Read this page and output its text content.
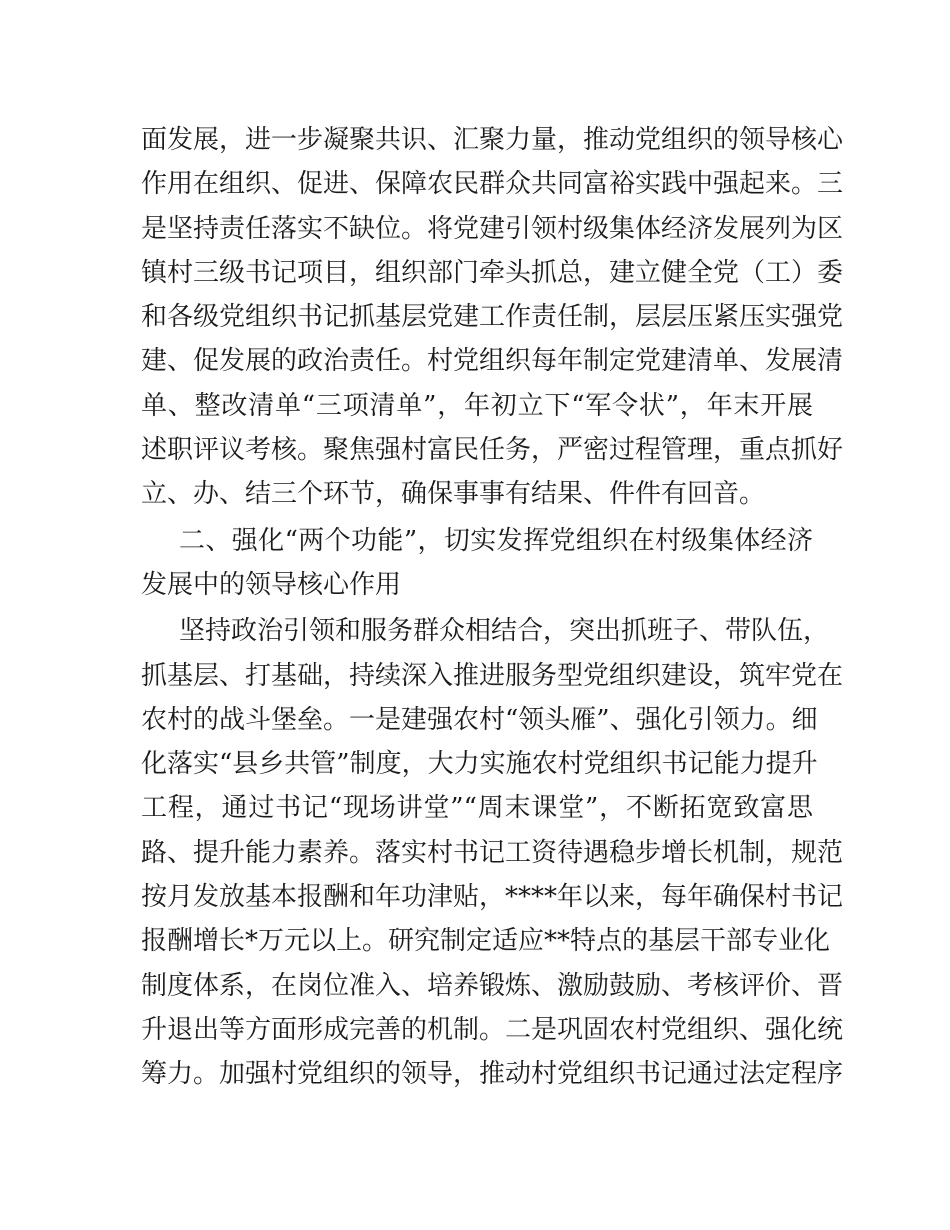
面发展，进一步凝聚共识、汇聚力量，推动党组织的领导核心
作用在组织、促进、保障农民群众共同富裕实践中强起来。三
是坚持责任落实不缺位。将党建引领村级集体经济发展列为区
镇村三级书记项目，组织部门牵头抓总，建立健全党（工）委
和各级党组织书记抓基层党建工作责任制，层层压紧压实强党
建、促发展的政治责任。村党组织每年制定党建清单、发展清
单、整改清单“三项清单”，年初立下“军令状”，年末开展
述职评议考核。聚焦强村富民任务，严密过程管理，重点抓好
立、办、结三个环节，确保事事有结果、件件有回音。
二、强化“两个功能”，切实发挥党组织在村级集体经济
发展中的领导核心作用
坚持政治引领和服务群众相结合，突出抓班子、带队伍，
抓基层、打基础，持续深入推进服务型党组织建设，筑牢党在
农村的战斗堡垒。一是建强农村“领头雁”、强化引领力。细
化落实“县乡共管”制度，大力实施农村党组织书记能力提升
工程，通过书记“现场讲堂”“周末课堂”，不断拓宽致富思
路、提升能力素养。落实村书记工资待遇稳步增长机制，规范
按月发放基本报酬和年功津贴，****年以来，每年确保村书记
报酬增长*万元以上。研究制定适应**特点的基层干部专业化
制度体系，在岗位准入、培养锻炼、激励鼓励、考核评价、晋
升退出等方面形成完善的机制。二是巩固农村党组织、强化统
筹力。加强村党组织的领导，推动村党组织书记通过法定程序
